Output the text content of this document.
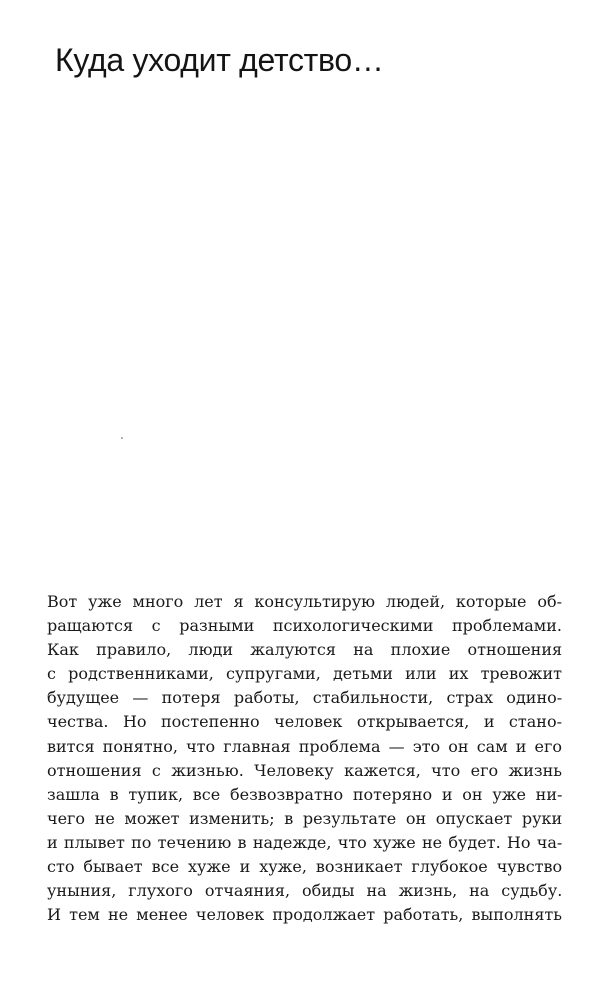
Куда уходит детство…
Вот уже много лет я консультирую людей, которые об-
ращаются с разными психологическими проблемами.
Как правило, люди жалуются на плохие отношения
с родственниками, супругами, детьми или их тревожит
будущее — потеря работы, стабильности, страх одино-
чества. Но постепенно человек открывается, и стано-
вится понятно, что главная проблема — это он сам и его
отношения с жизнью. Человеку кажется, что его жизнь
зашла в тупик, все безвозвратно потеряно и он уже ни-
чего не может изменить; в результате он опускает руки
и плывет по течению в надежде, что хуже не будет. Но ча-
сто бывает все хуже и хуже, возникает глубокое чувство
уныния, глухого отчаяния, обиды на жизнь, на судьбу.
И тем не менее человек продолжает работать, выполнять
